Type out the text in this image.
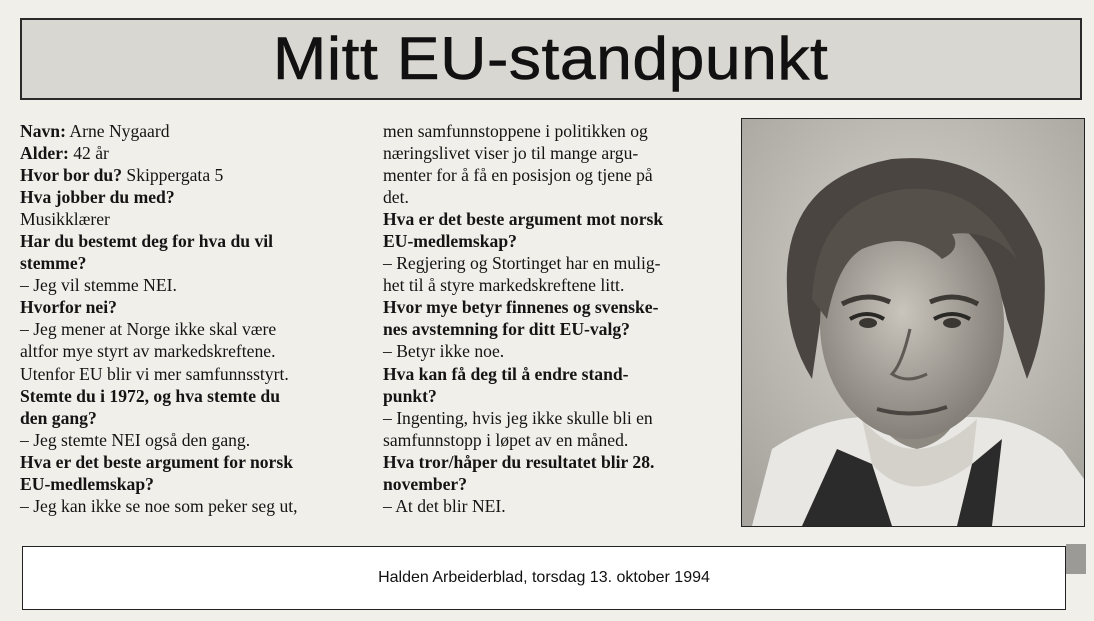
Mitt EU-standpunkt
Navn: Arne Nygaard
Alder: 42 år
Hvor bor du? Skippergata 5
Hva jobber du med?
Musikklærer
Har du bestemt deg for hva du vil
stemme?
– Jeg vil stemme NEI.
Hvorfor nei?
– Jeg mener at Norge ikke skal være
altfor mye styrt av markedskreftene.
Utenfor EU blir vi mer samfunnsstyrt.
Stemte du i 1972, og hva stemte du
den gang?
– Jeg stemte NEI også den gang.
Hva er det beste argument for norsk
EU-medlemskap?
– Jeg kan ikke se noe som peker seg ut,
men samfunnstoppene i politikken og
næringslivet viser jo til mange argu-
menter for å få en posisjon og tjene på
det.
Hva er det beste argument mot norsk
EU-medlemskap?
– Regjering og Stortinget har en mulig-
het til å styre markedskreftene litt.
Hvor mye betyr finnenes og svenske-
nes avstemning for ditt EU-valg?
– Betyr ikke noe.
Hva kan få deg til å endre stand-
punkt?
– Ingenting, hvis jeg ikke skulle bli en
samfunnstopp i løpet av en måned.
Hva tror/håper du resultatet blir 28.
november?
– At det blir NEI.
Halden Arbeiderblad, torsdag 13. oktober 1994
